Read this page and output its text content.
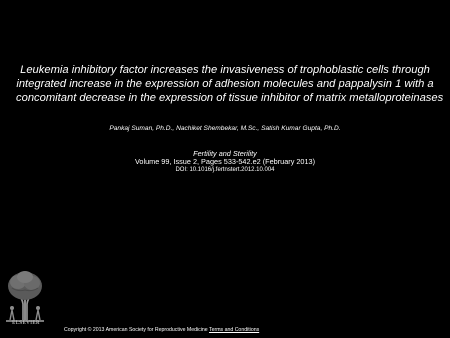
Leukemia inhibitory factor increases the invasiveness of trophoblastic cells through
integrated increase in the expression of adhesion molecules and pappalysin 1 with a
concomitant decrease in the expression of tissue inhibitor of matrix metalloproteinases
Pankaj Suman, Ph.D., Nachiket Shembekar, M.Sc., Satish Kumar Gupta, Ph.D.
Fertility and Sterility
Volume 99, Issue 2, Pages 533-542.e2 (February 2013)
DOI: 10.1016/j.fertnstert.2012.10.004
ELSEVIER
Copyright © 2013 American Society for Reproductive Medicine Terms and Conditions
